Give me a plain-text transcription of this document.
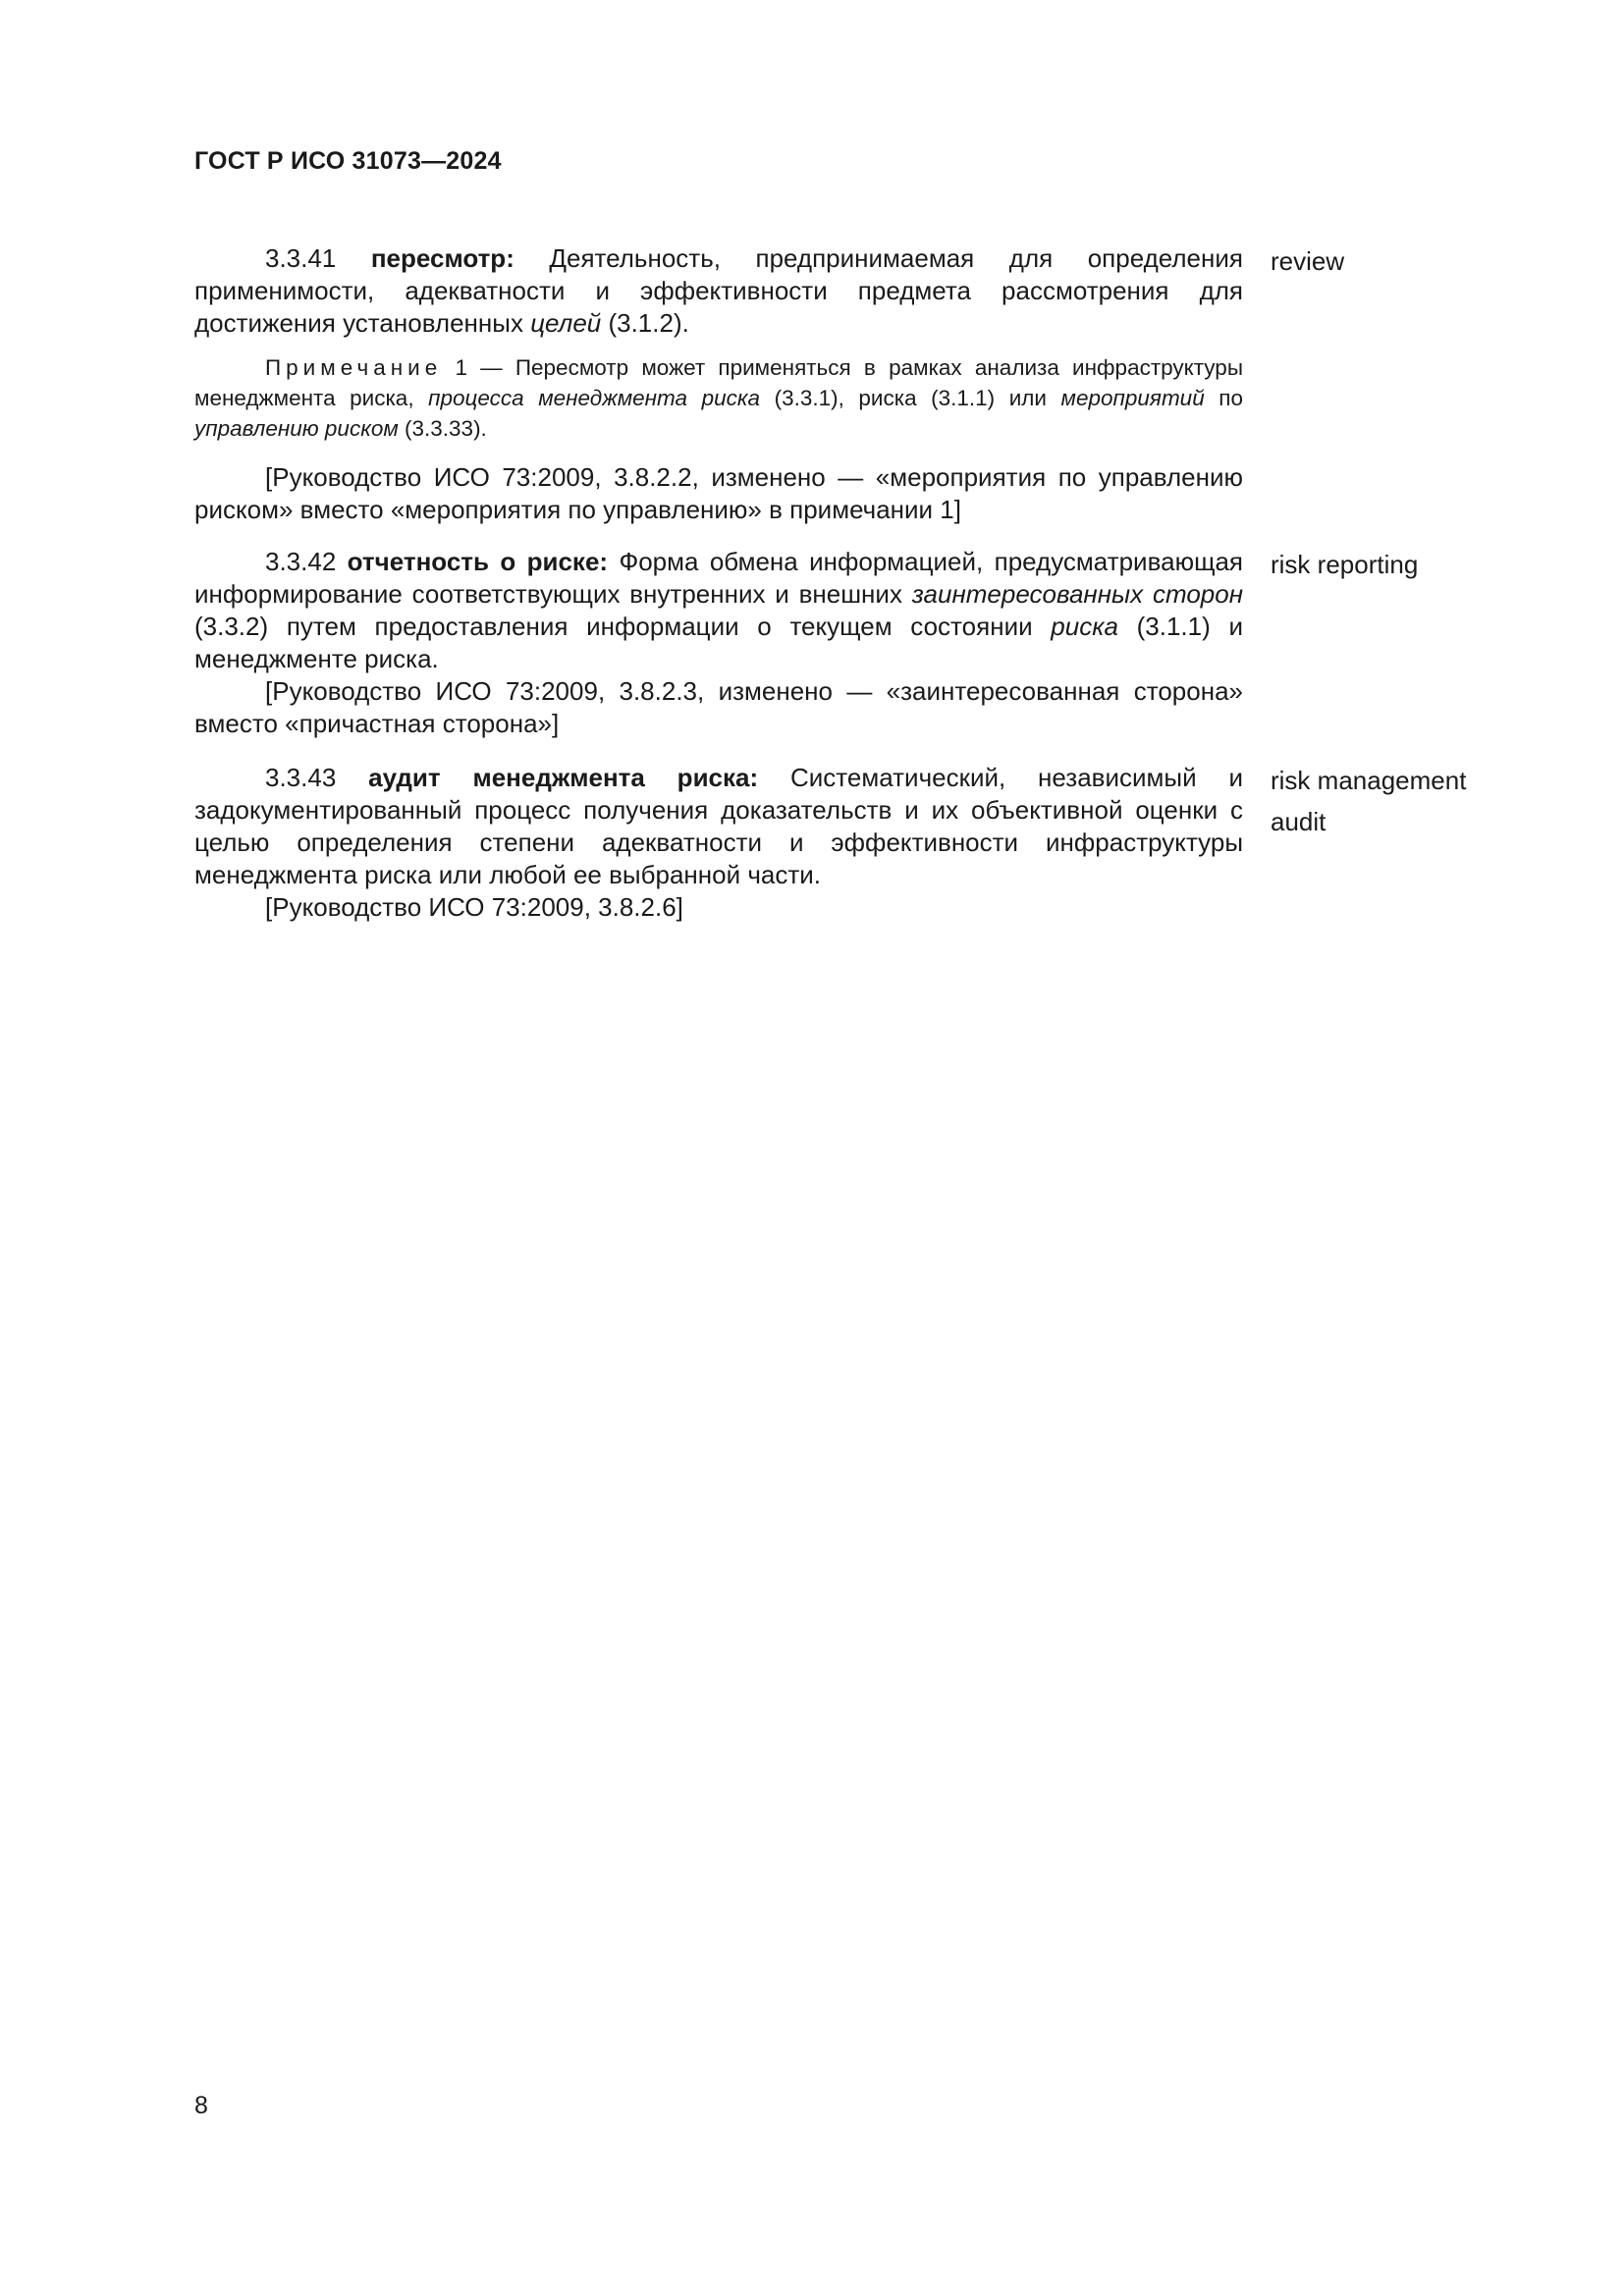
ГОСТ Р ИСО 31073—2024

3.3.41 пересмотр: Деятельность, предпринимаемая для определения применимости, адекватности и эффективности предмета рассмотрения для достижения установленных целей (3.1.2).

Примечание 1 — Пересмотр может применяться в рамках анализа инфраструктуры менеджмента риска, процесса менеджмента риска (3.3.1), риска (3.1.1) или мероприятий по управлению риском (3.3.33).

[Руководство ИСО 73:2009, 3.8.2.2, изменено — «мероприятия по управлению риском» вместо «мероприятия по управлению» в примечании 1]

review

3.3.42 отчетность о риске: Форма обмена информацией, предусматривающая информирование соответствующих внутренних и внешних заинтересованных сторон (3.3.2) путем предоставления информации о текущем состоянии риска (3.1.1) и менеджменте риска.

[Руководство ИСО 73:2009, 3.8.2.3, изменено — «заинтересованная сторона» вместо «причастная сторона»]

risk reporting

3.3.43 аудит менеджмента риска: Систематический, независимый и задокументированный процесс получения доказательств и их объективной оценки с целью определения степени адекватности и эффективности инфраструктуры менеджмента риска или любой ее выбранной части.

[Руководство ИСО 73:2009, 3.8.2.6]

risk management
audit
8
